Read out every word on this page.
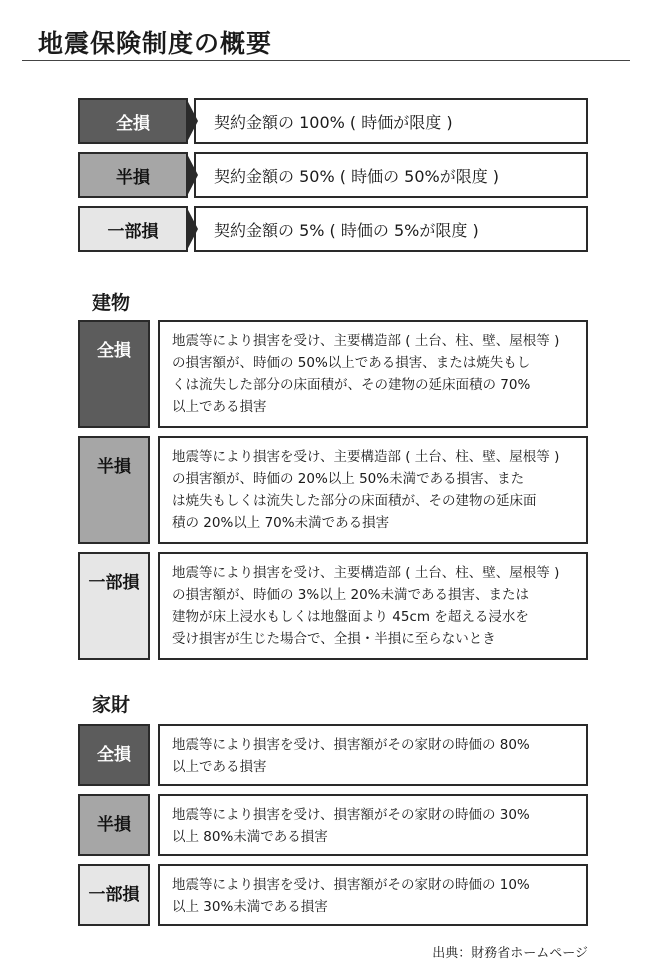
地震保険制度の概要
全損	契約金額の 100% ( 時価が限度 )
半損	契約金額の 50% ( 時価の 50%が限度 )
一部損	契約金額の 5% ( 時価の 5%が限度 )
建物
全損	地震等により損害を受け、主要構造部 ( 土台、柱、壁、屋根等 )
の損害額が、時価の 50%以上である損害、または焼失もし
くは流失した部分の床面積が、その建物の延床面積の 70%
以上である損害
半損	地震等により損害を受け、主要構造部 ( 土台、柱、壁、屋根等 )
の損害額が、時価の 20%以上 50%未満である損害、また
は焼失もしくは流失した部分の床面積が、その建物の延床面
積の 20%以上 70%未満である損害
一部損	地震等により損害を受け、主要構造部 ( 土台、柱、壁、屋根等 )
の損害額が、時価の 3%以上 20%未満である損害、または
建物が床上浸水もしくは地盤面より 45cm を超える浸水を
受け損害が生じた場合で、全損・半損に至らないとき
家財
全損	地震等により損害を受け、損害額がその家財の時価の 80%
以上である損害
半損	地震等により損害を受け、損害額がその家財の時価の 30%
以上 80%未満である損害
一部損	地震等により損害を受け、損害額がその家財の時価の 10%
以上 30%未満である損害
出典：財務省ホームページ
